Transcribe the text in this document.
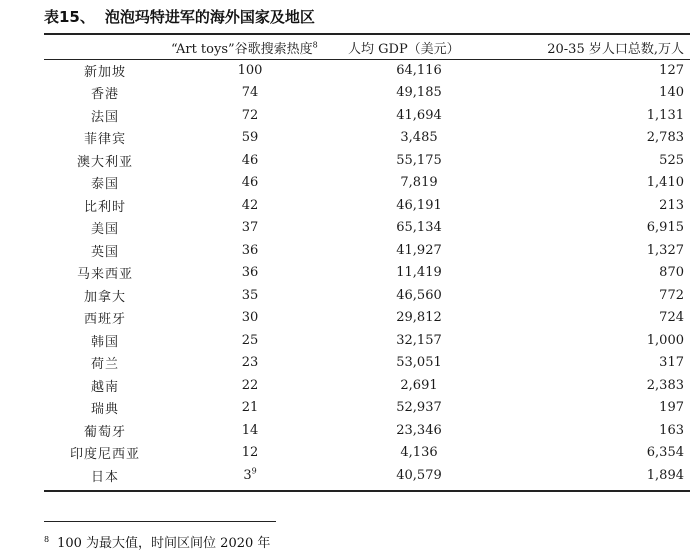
表15、 泡泡玛特进军的海外国家及地区
	“Art toys”谷歌搜索热度$^8$	人均 GDP（美元）	20-35 岁人口总数,万人
新加坡	100	64,116	127
香港	74	49,185	140
法国	72	41,694	1,131
菲律宾	59	3,485	2,783
澳大利亚	46	55,175	525
泰国	46	7,819	1,410
比利时	42	46,191	213
美国	37	65,134	6,915
英国	36	41,927	1,327
马来西亚	36	11,419	870
加拿大	35	46,560	772
西班牙	30	29,812	724
韩国	25	32,157	1,000
荷兰	23	53,051	317
越南	22	2,691	2,383
瑞典	21	52,937	197
葡萄牙	14	23,346	163
印度尼西亚	12	4,136	6,354
日本	$3^9$	40,579	1,894
$^8$ 100 为最大值，时间区间位 2020 年
